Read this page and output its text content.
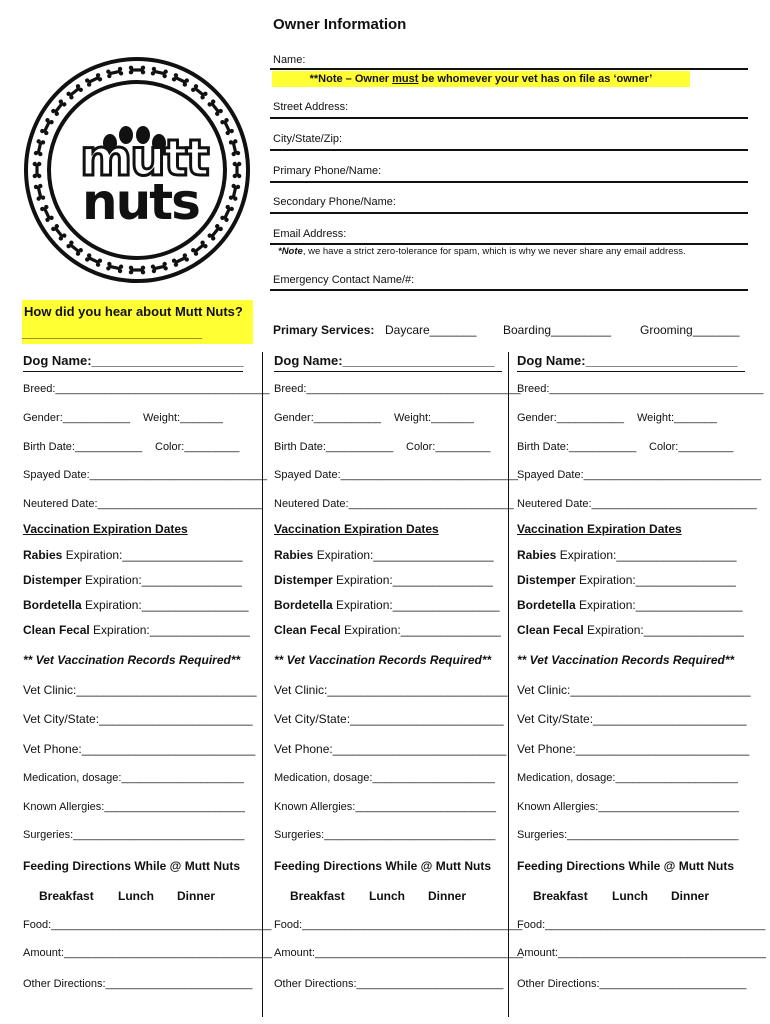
mutt
nuts
Owner Information
Name:
**Note – Owner must be whomever your vet has on file as ‘owner’
Street Address:
City/State/Zip:
Primary Phone/Name:
Secondary Phone/Name:
Email Address:
*Note, we have a strict zero-tolerance for spam, which is why we never share any email address.
Emergency Contact Name/#:
How did you hear about Mutt Nuts?
___________________________	Primary Services: Daycare_______ Boarding_________ Grooming_______
Dog Name:_____________________
Breed:___________________________________
Gender:___________ Weight:_______
Birth Date:___________ Color:_________
Spayed Date:_____________________________
Neutered Date:___________________________
Vaccination Expiration Dates
Rabies Expiration:__________________
Distemper Expiration:_______________
Bordetella Expiration:________________
Clean Fecal Expiration:_______________
** Vet Vaccination Records Required**
Vet Clinic:___________________________
Vet City/State:_______________________
Vet Phone:__________________________
Medication, dosage:____________________
Known Allergies:_______________________
Surgeries:____________________________
Feeding Directions While @ Mutt Nuts
Breakfast Lunch Dinner
Food:____________________________________
Amount:__________________________________
Other Directions:________________________
Dog Name:_____________________
Breed:___________________________________
Gender:___________ Weight:_______
Birth Date:___________ Color:_________
Spayed Date:_____________________________
Neutered Date:___________________________
Vaccination Expiration Dates
Rabies Expiration:__________________
Distemper Expiration:_______________
Bordetella Expiration:________________
Clean Fecal Expiration:_______________
** Vet Vaccination Records Required**
Vet Clinic:___________________________
Vet City/State:_______________________
Vet Phone:__________________________
Medication, dosage:____________________
Known Allergies:_______________________
Surgeries:____________________________
Feeding Directions While @ Mutt Nuts
Breakfast Lunch Dinner
Food:____________________________________
Amount:__________________________________
Other Directions:________________________
Dog Name:_____________________
Breed:___________________________________
Gender:___________ Weight:_______
Birth Date:___________ Color:_________
Spayed Date:_____________________________
Neutered Date:___________________________
Vaccination Expiration Dates
Rabies Expiration:__________________
Distemper Expiration:_______________
Bordetella Expiration:________________
Clean Fecal Expiration:_______________
** Vet Vaccination Records Required**
Vet Clinic:___________________________
Vet City/State:_______________________
Vet Phone:__________________________
Medication, dosage:____________________
Known Allergies:_______________________
Surgeries:____________________________
Feeding Directions While @ Mutt Nuts
Breakfast Lunch Dinner
Food:____________________________________
Amount:__________________________________
Other Directions:________________________
